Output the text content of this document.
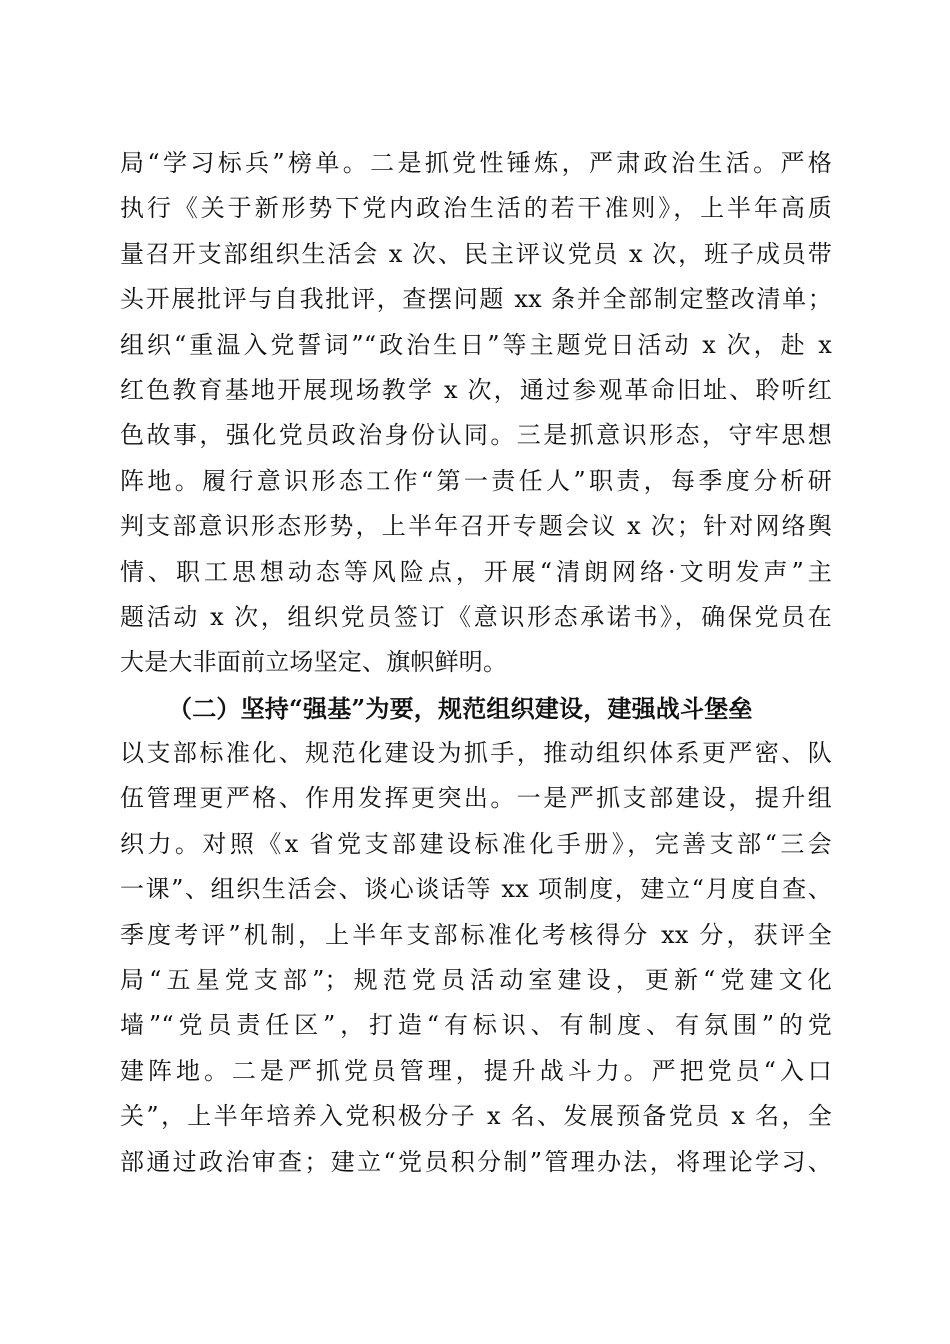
局“学习标兵”榜单。二是抓党性锤炼，严肃政治生活。严格
执行《关于新形势下党内政治生活的若干准则》，上半年高质
量召开支部组织生活会 x 次、民主评议党员 x 次，班子成员带
头开展批评与自我批评，查摆问题 xx 条并全部制定整改清单；
组织“重温入党誓词”“政治生日”等主题党日活动 x 次，赴 x
红色教育基地开展现场教学 x 次，通过参观革命旧址、聆听红
色故事，强化党员政治身份认同。三是抓意识形态，守牢思想
阵地。履行意识形态工作“第一责任人”职责，每季度分析研
判支部意识形态形势，上半年召开专题会议 x 次；针对网络舆
情、职工思想动态等风险点，开展“清朗网络·文明发声”主
题活动 x 次，组织党员签订《意识形态承诺书》，确保党员在
大是大非面前立场坚定、旗帜鲜明。
（二）坚持“强基”为要，规范组织建设，建强战斗堡垒
以支部标准化、规范化建设为抓手，推动组织体系更严密、队
伍管理更严格、作用发挥更突出。一是严抓支部建设，提升组
织力。对照《x 省党支部建设标准化手册》，完善支部“三会
一课”、组织生活会、谈心谈话等 xx 项制度，建立“月度自查、
季度考评”机制，上半年支部标准化考核得分 xx 分，获评全
局“五星党支部”；规范党员活动室建设，更新“党建文化
墙”“党员责任区”，打造“有标识、有制度、有氛围”的党
建阵地。二是严抓党员管理，提升战斗力。严把党员“入口
关”，上半年培养入党积极分子 x 名、发展预备党员 x 名，全
部通过政治审查；建立“党员积分制”管理办法，将理论学习、
